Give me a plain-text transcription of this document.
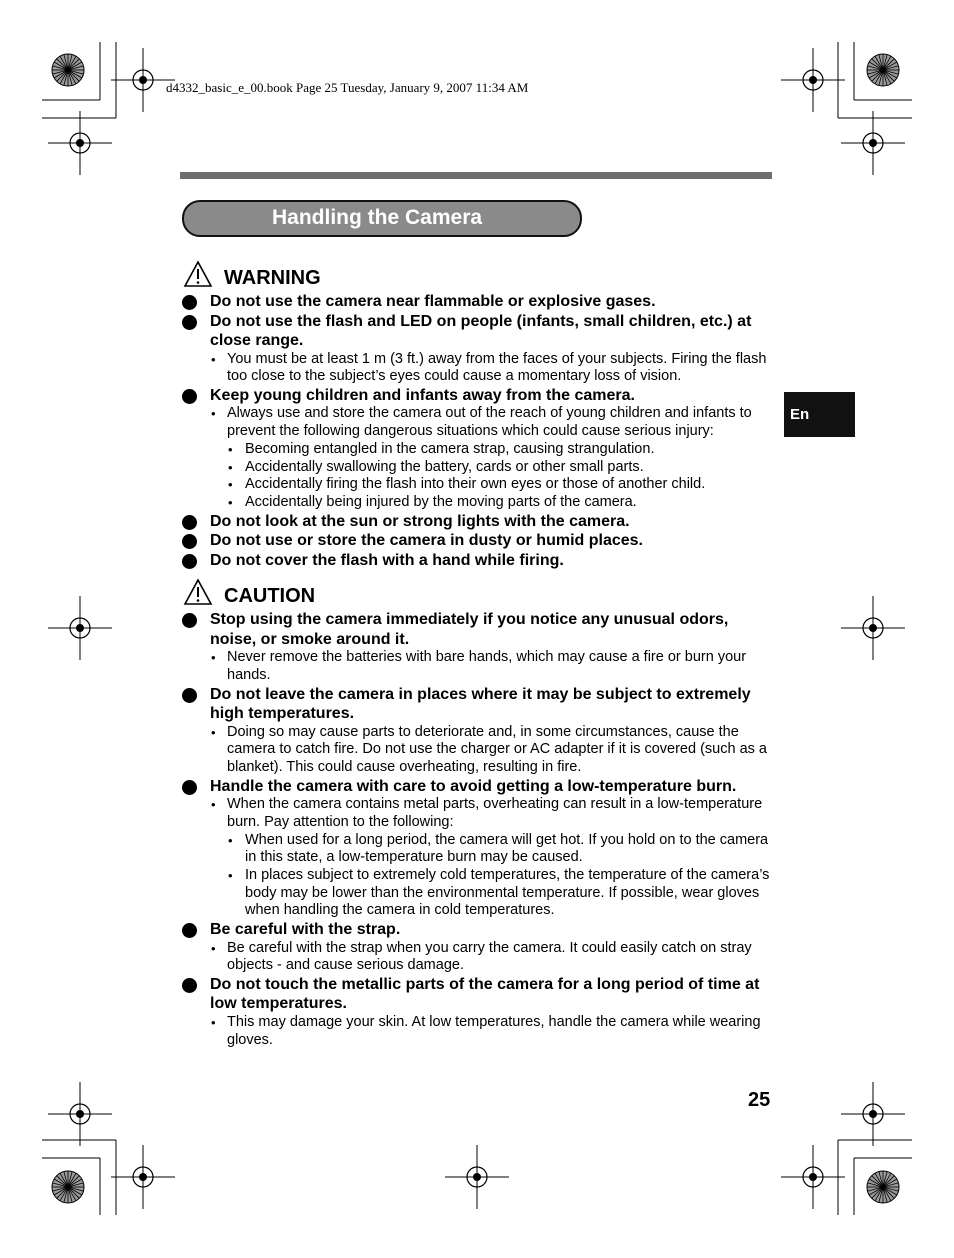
d4332_basic_e_00.book Page 25 Tuesday, January 9, 2007 11:34 AM
Handling the Camera
En
WARNING
Do not use the camera near flammable or explosive gases.
Do not use the flash and LED on people (infants, small children, etc.) at close range.
• You must be at least 1 m (3 ft.) away from the faces of your subjects. Firing the flash too close to the subject’s eyes could cause a momentary loss of vision.
Keep young children and infants away from the camera.
• Always use and store the camera out of the reach of young children and infants to prevent the following dangerous situations which could cause serious injury:
• Becoming entangled in the camera strap, causing strangulation.
• Accidentally swallowing the battery, cards or other small parts.
• Accidentally firing the flash into their own eyes or those of another child.
• Accidentally being injured by the moving parts of the camera.
Do not look at the sun or strong lights with the camera.
Do not use or store the camera in dusty or humid places.
Do not cover the flash with a hand while firing.
CAUTION
Stop using the camera immediately if you notice any unusual odors, noise, or smoke around it.
• Never remove the batteries with bare hands, which may cause a fire or burn your hands.
Do not leave the camera in places where it may be subject to extremely high temperatures.
• Doing so may cause parts to deteriorate and, in some circumstances, cause the camera to catch fire. Do not use the charger or AC adapter if it is covered (such as a blanket). This could cause overheating, resulting in fire.
Handle the camera with care to avoid getting a low-temperature burn.
• When the camera contains metal parts, overheating can result in a low-temperature burn. Pay attention to the following:
• When used for a long period, the camera will get hot. If you hold on to the camera in this state, a low-temperature burn may be caused.
• In places subject to extremely cold temperatures, the temperature of the camera’s body may be lower than the environmental temperature. If possible, wear gloves when handling the camera in cold temperatures.
Be careful with the strap.
• Be careful with the strap when you carry the camera. It could easily catch on stray objects - and cause serious damage.
Do not touch the metallic parts of the camera for a long period of time at low temperatures.
• This may damage your skin. At low temperatures, handle the camera while wearing gloves.
25
